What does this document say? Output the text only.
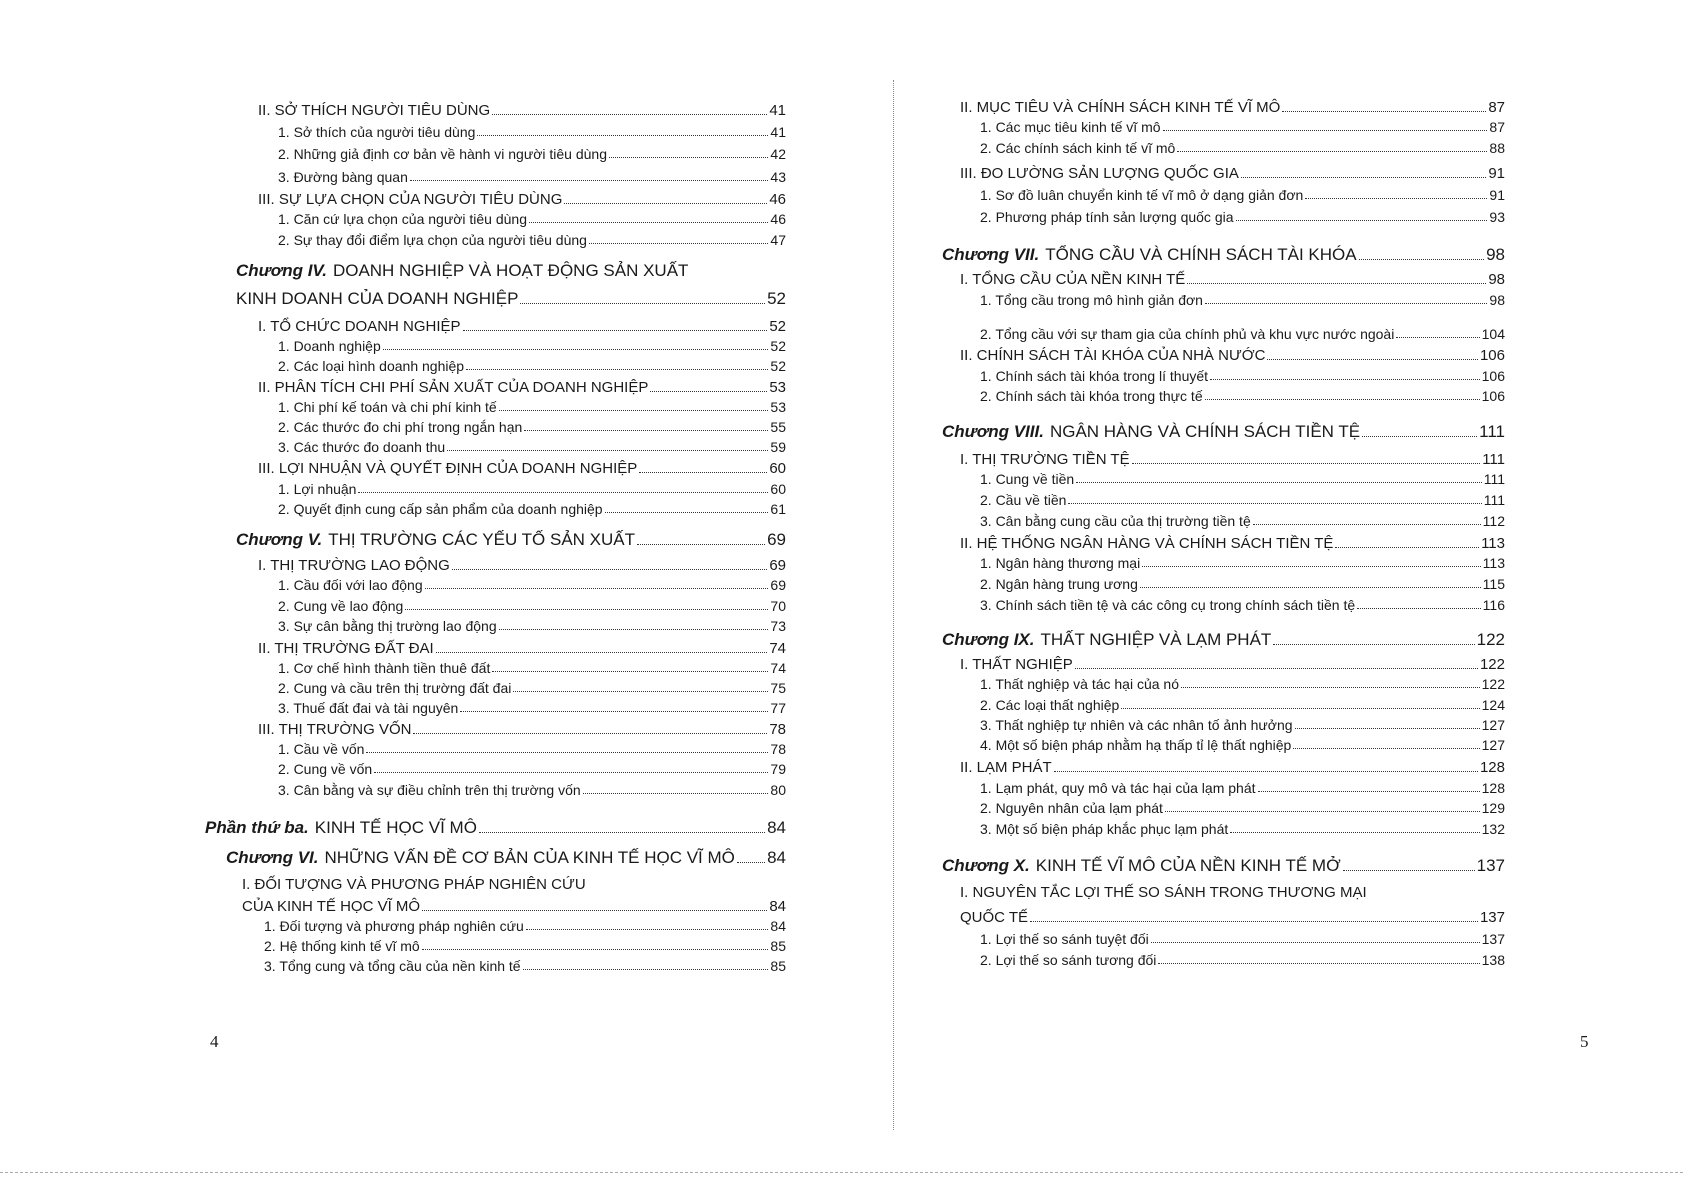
II. SỞ THÍCH NGƯỜI TIÊU DÙNG	41
1. Sở thích của người tiêu dùng	41
2. Những giả định cơ bản về hành vi người tiêu dùng	42
3. Đường bàng quan	43
III. SỰ LỰA CHỌN CỦA NGƯỜI TIÊU DÙNG	46
1. Căn cứ lựa chọn của người tiêu dùng	46
2. Sự thay đổi điểm lựa chọn của người tiêu dùng	47
Chương IV. DOANH NGHIỆP VÀ HOẠT ĐỘNG SẢN XUẤT
KINH DOANH CỦA DOANH NGHIỆP	52
I. TỔ CHỨC DOANH NGHIỆP	52
1. Doanh nghiệp	52
2. Các loại hình doanh nghiệp	52
II. PHÂN TÍCH CHI PHÍ SẢN XUẤT CỦA DOANH NGHIỆP	53
1. Chi phí kế toán và chi phí kinh tế	53
2. Các thước đo chi phí trong ngắn hạn	55
3. Các thước đo doanh thu	59
III. LỢI NHUẬN VÀ QUYẾT ĐỊNH CỦA DOANH NGHIỆP	60
1. Lợi nhuận	60
2. Quyết định cung cấp sản phẩm của doanh nghiệp	61
Chương V. THỊ TRƯỜNG CÁC YẾU TỐ SẢN XUẤT	69
I. THỊ TRƯỜNG LAO ĐỘNG	69
1. Cầu đối với lao động	69
2. Cung về lao động	70
3. Sự cân bằng thị trường lao động	73
II. THỊ TRƯỜNG ĐẤT ĐAI	74
1. Cơ chế hình thành tiền thuê đất	74
2. Cung và cầu trên thị trường đất đai	75
3. Thuế đất đai và tài nguyên	77
III. THỊ TRƯỜNG VỐN	78
1. Cầu về vốn	78
2. Cung về vốn	79
3. Cân bằng và sự điều chỉnh trên thị trường vốn	80
Phần thứ ba. KINH TẾ HỌC VĨ MÔ	84
Chương VI. NHỮNG VẤN ĐỀ CƠ BẢN CỦA KINH TẾ HỌC VĨ MÔ 84
I. ĐỐI TƯỢNG VÀ PHƯƠNG PHÁP NGHIÊN CỨU
CỦA KINH TẾ HỌC VĨ MÔ	84
1. Đối tượng và phương pháp nghiên cứu	84
2. Hệ thống kinh tế vĩ mô	85
3. Tổng cung và tổng cầu của nền kinh tế	85
4
II. MỤC TIÊU VÀ CHÍNH SÁCH KINH TẾ VĨ MÔ	87
1. Các mục tiêu kinh tế vĩ mô	87
2. Các chính sách kinh tế vĩ mô	88
III. ĐO LƯỜNG SẢN LƯỢNG QUỐC GIA	91
1. Sơ đồ luân chuyển kinh tế vĩ mô ở dạng giản đơn	91
2. Phương pháp tính sản lượng quốc gia	93
Chương VII. TỔNG CẦU VÀ CHÍNH SÁCH TÀI KHÓA	98
I. TỔNG CẦU CỦA NỀN KINH TẾ	98
1. Tổng cầu trong mô hình giản đơn	98
2. Tổng cầu với sự tham gia của chính phủ và khu vực nước ngoài	104
II. CHÍNH SÁCH TÀI KHÓA CỦA NHÀ NƯỚC	106
1. Chính sách tài khóa trong lí thuyết	106
2. Chính sách tài khóa trong thực tế	106
Chương VIII. NGÂN HÀNG VÀ CHÍNH SÁCH TIỀN TỆ	111
I. THỊ TRƯỜNG TIỀN TỆ	111
1. Cung về tiền	111
2. Cầu về tiền	111
3. Cân bằng cung cầu của thị trường tiền tệ	112
II. HỆ THỐNG NGÂN HÀNG VÀ CHÍNH SÁCH TIỀN TỆ	113
1. Ngân hàng thương mại	113
2. Ngân hàng trung ương	115
3. Chính sách tiền tệ và các công cụ trong chính sách tiền tệ	116
Chương IX. THẤT NGHIỆP VÀ LẠM PHÁT	122
I. THẤT NGHIỆP	122
1. Thất nghiệp và tác hại của nó	122
2. Các loại thất nghiệp	124
3. Thất nghiệp tự nhiên và các nhân tố ảnh hưởng	127
4. Một số biện pháp nhằm hạ thấp tỉ lệ thất nghiệp	127
II. LẠM PHÁT	128
1. Lạm phát, quy mô và tác hại của lạm phát	128
2. Nguyên nhân của lạm phát	129
3. Một số biện pháp khắc phục lạm phát	132
Chương X. KINH TẾ VĨ MÔ CỦA NỀN KINH TẾ MỞ	137
I. NGUYÊN TẮC LỢI THẾ SO SÁNH TRONG THƯƠNG MẠI
QUỐC TẾ	137
1. Lợi thế so sánh tuyệt đối	137
2. Lợi thế so sánh tương đối	138
5
